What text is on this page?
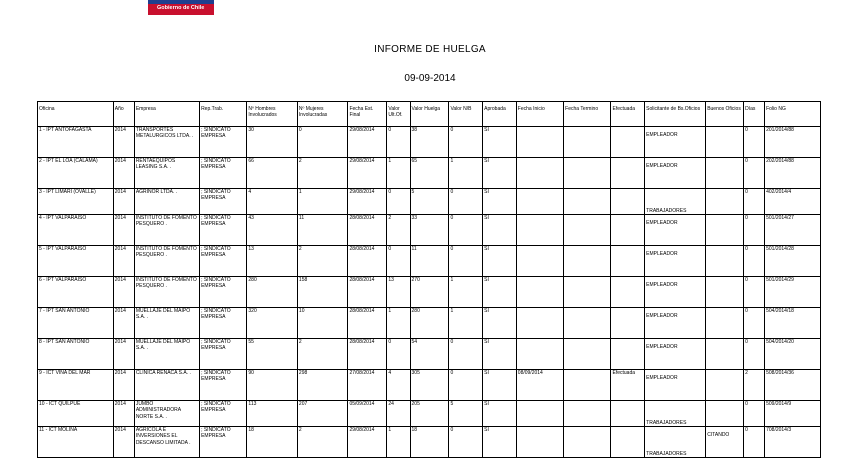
Gobierno de Chile
INFORME DE HUELGA
09-09-2014
Oficina	Año	Empresa	Rep.Trab.	Nº Hombres Involucrados	Nº Mujeres Involucradas	Fecha Est. Final	Valor Ult.Of.	Valor Huelga	Valor N/B	Aprobada	Fecha Inicio	Fecha Termino	Efectuada	Solicitante de Bs.Oficios	Buenos Oficios	Días	Folio NG
1 - IPT ANTOFAGASTA	2014	TRANSPORTES METALURGICOS LTDA. .	; SINDICATO EMPRESA	30	0	29/08/2014	0	38	0	SI				EMPLEADOR		0	201/2014/88
2 - IPT EL LOA (CALAMA)	2014	RENTAEQUIPOS LEASING S.A. .	; SINDICATO EMPRESA	66	2	29/08/2014	1	65	1	SI				EMPLEADOR		0	202/2014/88
3 - IPT LIMARI (OVALLE)	2014	AGRINOR LTDA. .	; SINDICATO EMPRESA	4	1	29/08/2014	0	5	0	SI				TRABAJADORES		0	402/2014/4
4 - IPT VALPARAISO	2014	INSTITUTO DE FOMENTO PESQUERO .	; SINDICATO EMPRESA	43	11	28/08/2014	2	33	0	SI				EMPLEADOR		0	501/2014/27
5 - IPT VALPARAISO	2014	INSTITUTO DE FOMENTO PESQUERO .	; SINDICATO EMPRESA	13	2	28/08/2014	0	11	0	SI				EMPLEADOR		0	501/2014/28
6 - IPT VALPARAISO	2014	INSTITUTO DE FOMENTO PESQUERO .	; SINDICATO EMPRESA	280	158	28/08/2014	13	270	1	SI				EMPLEADOR		0	501/2014/29
7 - IPT SAN ANTONIO	2014	MUELLAJE DEL MAIPO S.A. .	; SINDICATO EMPRESA	320	10	28/08/2014	1	280	1	SI				EMPLEADOR		0	504/2014/18
8 - IPT SAN ANTONIO	2014	MUELLAJE DEL MAIPO S.A. .	; SINDICATO EMPRESA	55	2	28/08/2014	0	54	0	SI				EMPLEADOR		0	504/2014/20
9 - ICT VIÑA DEL MAR	2014	CLINICA REÑACA S.A. .	; SINDICATO EMPRESA	90	298	27/08/2014	4	305	0	SI	08/09/2014		Efectuada	EMPLEADOR		2	508/2014/36
10 - ICT QUILPUE	2014	JUMBO ADMINISTRADORA NORTE S.A. .	; SINDICATO EMPRESA	113	207	05/09/2014	24	205	5	SI				TRABAJADORES		0	509/2014/9
11 - ICT MOLINA	2014	AGRICOLA E INVERSIONES EL DESCANSO LIMITADA .	; SINDICATO EMPRESA	18	2	29/08/2014	1	18	0	SI				TRABAJADORES	CITANDO	0	708/2014/3
